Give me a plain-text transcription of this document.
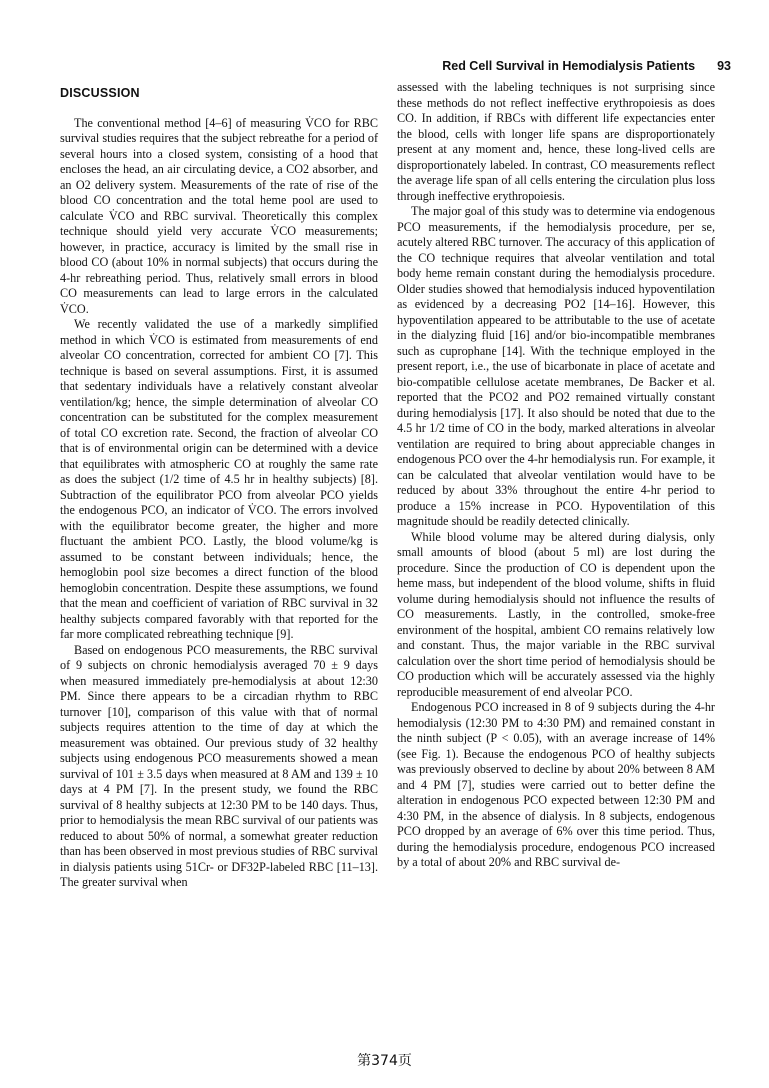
Red Cell Survival in Hemodialysis Patients 93
DISCUSSION

The conventional method [4–6] of measuring V̇CO for RBC survival studies requires that the subject rebreathe for a period of several hours into a closed system, consisting of a hood that encloses the head, an air circulating device, a CO2 absorber, and an O2 delivery system. Measurements of the rate of rise of the blood CO concentration and the total heme pool are used to calculate V̇CO and RBC survival. Theoretically this complex technique should yield very accurate V̇CO measurements; however, in practice, accuracy is limited by the small rise in blood CO (about 10% in normal subjects) that occurs during the 4-hr rebreathing period. Thus, relatively small errors in blood CO measurements can lead to large errors in the calculated V̇CO.

We recently validated the use of a markedly simplified method in which V̇CO is estimated from measurements of end alveolar CO concentration, corrected for ambient CO [7]. This technique is based on several assumptions. First, it is assumed that sedentary individuals have a relatively constant alveolar ventilation/kg; hence, the simple determination of alveolar CO concentration can be substituted for the complex measurement of total CO excretion rate. Second, the fraction of alveolar CO that is of environmental origin can be determined with a device that equilibrates with atmospheric CO at roughly the same rate as does the subject (1/2 time of 4.5 hr in healthy subjects) [8]. Subtraction of the equilibrator PCO from alveolar PCO yields the endogenous PCO, an indicator of V̇CO. The errors involved with the equilibrator become greater, the higher and more fluctuant the ambient PCO. Lastly, the blood volume/kg is assumed to be constant between individuals; hence, the hemoglobin pool size becomes a direct function of the blood hemoglobin concentration. Despite these assumptions, we found that the mean and coefficient of variation of RBC survival in 32 healthy subjects compared favorably with that reported for the far more complicated rebreathing technique [9].

Based on endogenous PCO measurements, the RBC survival of 9 subjects on chronic hemodialysis averaged 70 ± 9 days when measured immediately pre-hemodialysis at about 12:30 PM. Since there appears to be a circadian rhythm to RBC turnover [10], comparison of this value with that of normal subjects requires attention to the time of day at which the measurement was obtained. Our previous study of 32 healthy subjects using endogenous PCO measurements showed a mean survival of 101 ± 3.5 days when measured at 8 AM and 139 ± 10 days at 4 PM [7]. In the present study, we found the RBC survival of 8 healthy subjects at 12:30 PM to be 140 days. Thus, prior to hemodialysis the mean RBC survival of our patients was reduced to about 50% of normal, a somewhat greater reduction than has been observed in most previous studies of RBC survival in dialysis patients using 51Cr- or DF32P-labeled RBC [11–13]. The greater survival when

assessed with the labeling techniques is not surprising since these methods do not reflect ineffective erythropoiesis as does CO. In addition, if RBCs with different life expectancies enter the blood, cells with longer life spans are disproportionately present at any moment and, hence, these long-lived cells are disproportionately labeled. In contrast, CO measurements reflect the average life span of all cells entering the circulation plus loss through ineffective erythropoiesis.

The major goal of this study was to determine via endogenous PCO measurements, if the hemodialysis procedure, per se, acutely altered RBC turnover. The accuracy of this application of the CO technique requires that alveolar ventilation and total body heme remain constant during the hemodialysis procedure. Older studies showed that hemodialysis induced hypoventilation as evidenced by a decreasing PO2 [14–16]. However, this hypoventilation appeared to be attributable to the use of acetate in the dialyzing fluid [16] and/or bio-incompatible membranes such as cuprophane [14]. With the technique employed in the present report, i.e., the use of bicarbonate in place of acetate and bio-compatible cellulose acetate membranes, De Backer et al. reported that the PCO2 and PO2 remained virtually constant during hemodialysis [17]. It also should be noted that due to the 4.5 hr 1/2 time of CO in the body, marked alterations in alveolar ventilation are required to bring about appreciable changes in endogenous PCO over the 4-hr hemodialysis run. For example, it can be calculated that alveolar ventilation would have to be reduced by about 33% throughout the entire 4-hr period to produce a 15% increase in PCO. Hypoventilation of this magnitude should be readily detected clinically.

While blood volume may be altered during dialysis, only small amounts of blood (about 5 ml) are lost during the procedure. Since the production of CO is dependent upon the heme mass, but independent of the blood volume, shifts in fluid volume during hemodialysis should not influence the results of CO measurements. Lastly, in the controlled, smoke-free environment of the hospital, ambient CO remains relatively low and constant. Thus, the major variable in the RBC survival calculation over the short time period of hemodialysis should be CO production which will be accurately assessed via the highly reproducible measurement of end alveolar PCO.

Endogenous PCO increased in 8 of 9 subjects during the 4-hr hemodialysis (12:30 PM to 4:30 PM) and remained constant in the ninth subject (P < 0.05), with an average increase of 14% (see Fig. 1). Because the endogenous PCO of healthy subjects was previously observed to decline by about 20% between 8 AM and 4 PM [7], studies were carried out to better define the alteration in endogenous PCO expected between 12:30 PM and 4:30 PM, in the absence of dialysis. In 8 subjects, endogenous PCO dropped by an average of 6% over this time period. Thus, during the hemodialysis procedure, endogenous PCO increased by a total of about 20% and RBC survival de-

第374页
